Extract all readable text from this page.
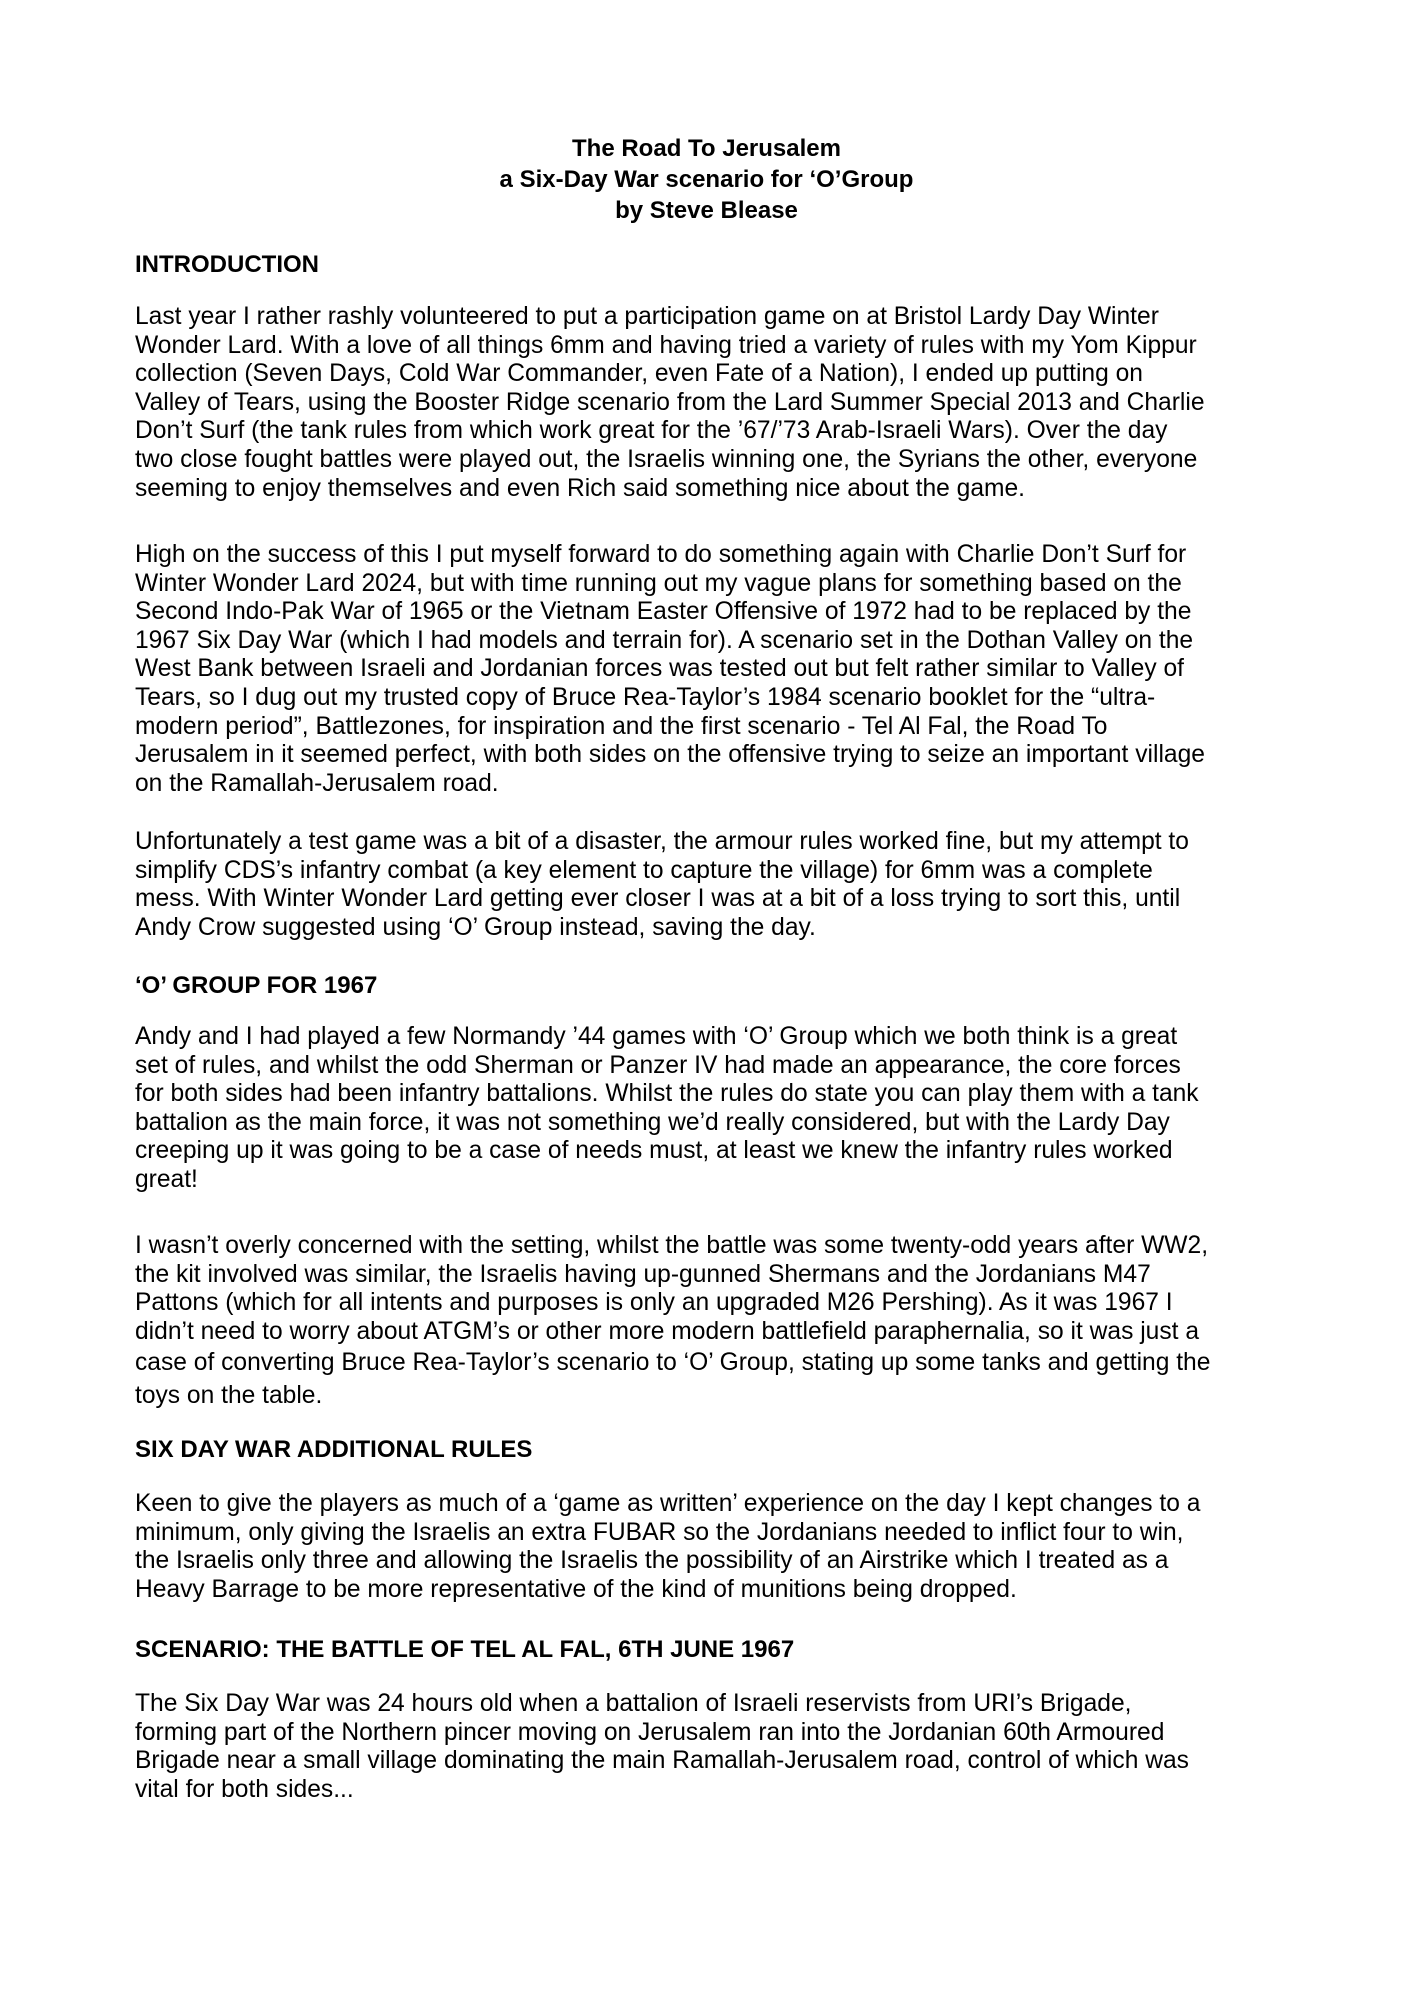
The Road To Jerusalem
a Six-Day War scenario for ‘O’Group
by Steve Blease
INTRODUCTION
Last year I rather rashly volunteered to put a participation game on at Bristol Lardy Day Winter
Wonder Lard. With a love of all things 6mm and having tried a variety of rules with my Yom Kippur
collection (Seven Days, Cold War Commander, even Fate of a Nation), I ended up putting on
Valley of Tears, using the Booster Ridge scenario from the Lard Summer Special 2013 and Charlie
Don’t Surf (the tank rules from which work great for the ’67/’73 Arab-Israeli Wars). Over the day
two close fought battles were played out, the Israelis winning one, the Syrians the other, everyone
seeming to enjoy themselves and even Rich said something nice about the game.
High on the success of this I put myself forward to do something again with Charlie Don’t Surf for
Winter Wonder Lard 2024, but with time running out my vague plans for something based on the
Second Indo-Pak War of 1965 or the Vietnam Easter Offensive of 1972 had to be replaced by the
1967 Six Day War (which I had models and terrain for). A scenario set in the Dothan Valley on the
West Bank between Israeli and Jordanian forces was tested out but felt rather similar to Valley of
Tears, so I dug out my trusted copy of Bruce Rea-Taylor’s 1984 scenario booklet for the “ultra-
modern period”, Battlezones, for inspiration and the first scenario - Tel Al Fal, the Road To
Jerusalem in it seemed perfect, with both sides on the offensive trying to seize an important village
on the Ramallah-Jerusalem road.
Unfortunately a test game was a bit of a disaster, the armour rules worked fine, but my attempt to
simplify CDS’s infantry combat (a key element to capture the village) for 6mm was a complete
mess. With Winter Wonder Lard getting ever closer I was at a bit of a loss trying to sort this, until
Andy Crow suggested using ‘O’ Group instead, saving the day.
‘O’ GROUP FOR 1967
Andy and I had played a few Normandy ’44 games with ‘O’ Group which we both think is a great
set of rules, and whilst the odd Sherman or Panzer IV had made an appearance, the core forces
for both sides had been infantry battalions. Whilst the rules do state you can play them with a tank
battalion as the main force, it was not something we’d really considered, but with the Lardy Day
creeping up it was going to be a case of needs must, at least we knew the infantry rules worked
great!
I wasn’t overly concerned with the setting, whilst the battle was some twenty-odd years after WW2,
the kit involved was similar, the Israelis having up-gunned Shermans and the Jordanians M47
Pattons (which for all intents and purposes is only an upgraded M26 Pershing). As it was 1967 I
didn’t need to worry about ATGM’s or other more modern battlefield paraphernalia, so it was just a
case of converting Bruce Rea-Taylor’s scenario to ‘O’ Group, stating up some tanks and getting the
toys on the table.
SIX DAY WAR ADDITIONAL RULES
Keen to give the players as much of a ‘game as written’ experience on the day I kept changes to a
minimum, only giving the Israelis an extra FUBAR so the Jordanians needed to inflict four to win,
the Israelis only three and allowing the Israelis the possibility of an Airstrike which I treated as a
Heavy Barrage to be more representative of the kind of munitions being dropped.
SCENARIO: THE BATTLE OF TEL AL FAL, 6TH JUNE 1967
The Six Day War was 24 hours old when a battalion of Israeli reservists from URI’s Brigade,
forming part of the Northern pincer moving on Jerusalem ran into the Jordanian 60th Armoured
Brigade near a small village dominating the main Ramallah-Jerusalem road, control of which was
vital for both sides...
